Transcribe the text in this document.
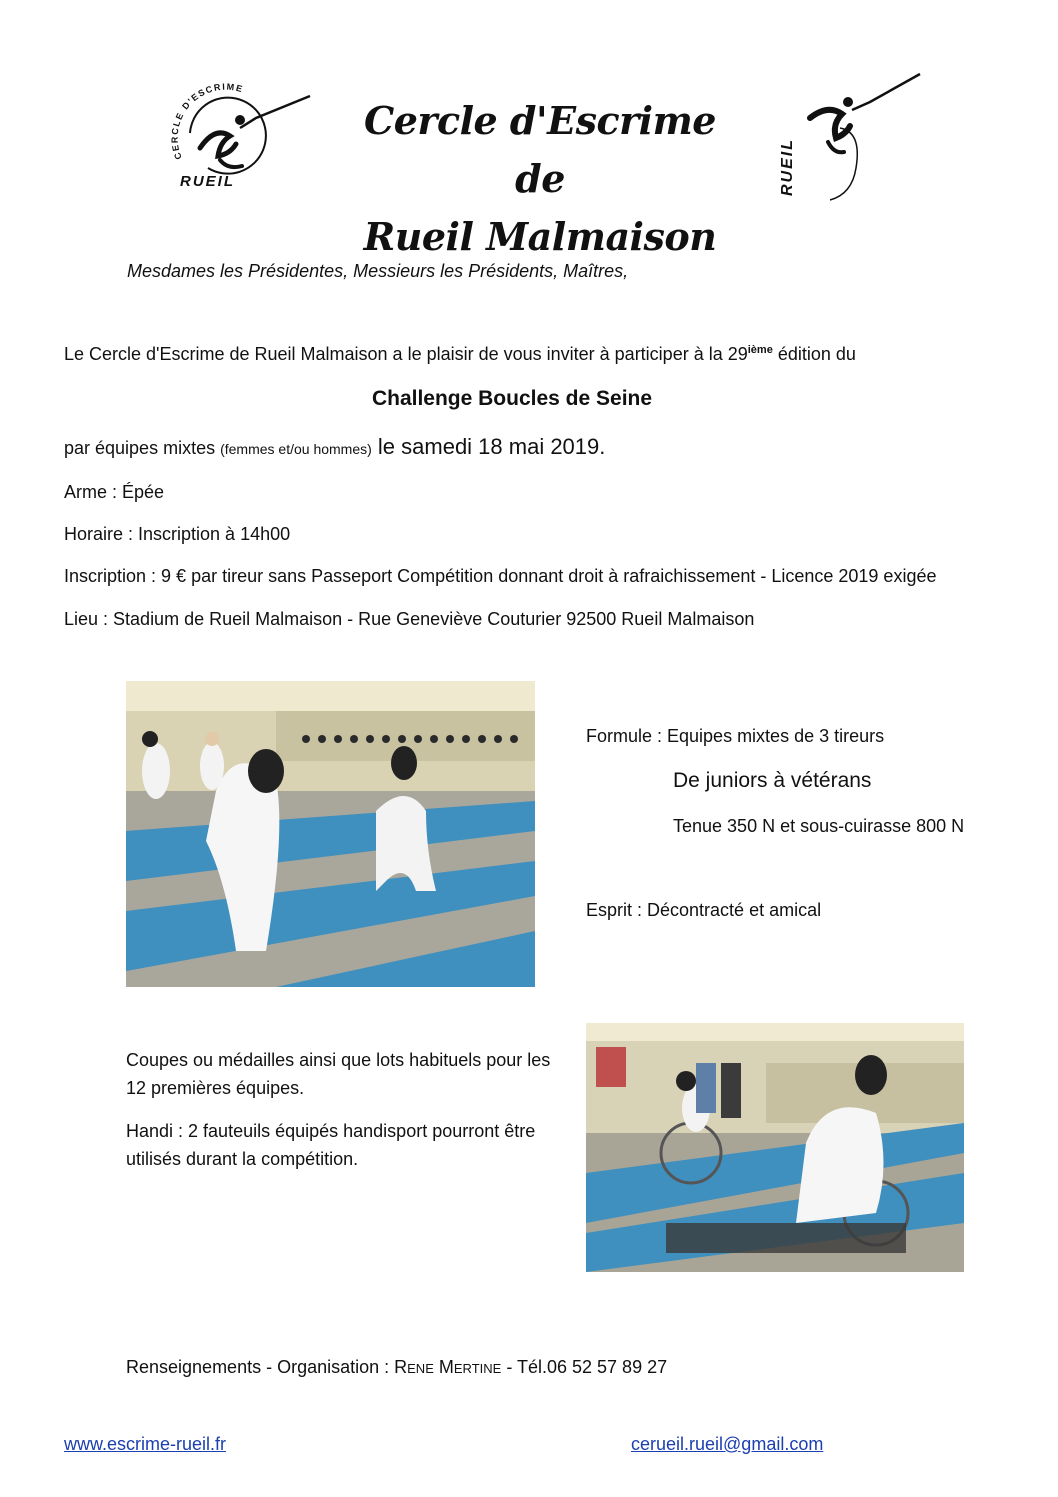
CERCLE D'ESCRIME
RUEIL
Cercle d'Escrime de
Rueil Malmaison
RUEIL
Mesdames les Présidentes, Messieurs les Présidents, Maîtres,
Le Cercle d'Escrime de Rueil Malmaison a le plaisir de vous inviter à participer à la 29ième édition du
Challenge Boucles de Seine
par équipes mixtes (femmes et/ou hommes) le samedi 18 mai 2019.
Arme : Épée
Horaire : Inscription à 14h00
Inscription : 9 € par tireur sans Passeport Compétition donnant droit à rafraichissement - Licence 2019 exigée
Lieu : Stadium de Rueil Malmaison - Rue Geneviève Couturier 92500 Rueil Malmaison
Formule : Equipes mixtes de 3 tireurs
De juniors à vétérans
Tenue 350 N et sous-cuirasse 800 N
Esprit : Décontracté et amical
Coupes ou médailles ainsi que lots habituels pour les 12 premières équipes.
Handi : 2 fauteuils équipés handisport pourront être utilisés durant la compétition.
Renseignements - Organisation : Rene Mertine - Tél.06 52 57 89 27
www.escrime-rueil.fr	cerueil.rueil@gmail.com
